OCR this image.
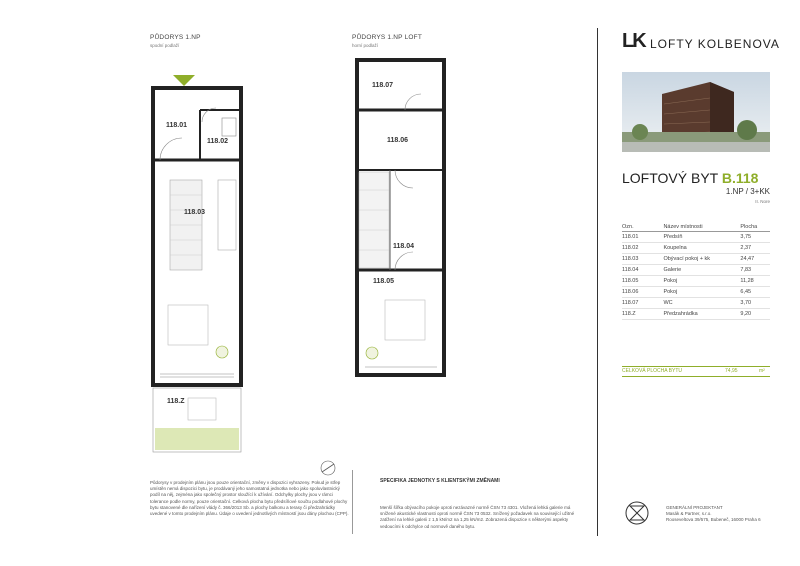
PŮDORYS 1.NP
spodní podlaží
118.01
118.02
118.03
118.Z
PŮDORYS 1.NP LOFT
horní podlaží
118.07
118.06
118.04
118.05
Půdorysy v prodejním plánu jsou pouze orientační, změny v dispozici vyhrazeny. Pokud je střep umístěn nemá dispozici bytu, je prodávaný jeho samostatná jednotka nebo jako spoluvlastnický podíl na něj, zejména jako společný prostor sloužící k užívání. Odchylky plochy jsou v rámci tolerance podle normy, pouze orientační. Celková plocha bytu předsíňové součtu podlahové plochy bytu stanovené dle nařízení vlády č. 366/2013 Sb. a plochy balkonu a terasy či předzahrádky uvedené v tomto prodejním plánu. Údaje o uvedení jednotlivých místností jsou dány plochou (CPP).
SPECIFIKA JEDNOTKY S KLIENTSKÝMI ZMĚNAMI
Menší šířka obývacího pokoje oproti nezávazné normě ČSN 73 4301. Vložená lehká galerie má snížené akustické vlastnosti oproti normě ČSN 73 0532. Snížený požadavek na související užitné zatížení na lehké galerii z 1,5 kN/m2 na 1,25 kN/m2. Zobrazená dispozice s některými aspekty vedoucími k odchylce od normově daného bytu.
LK LOFTY KOLBENOVA
LOFTOVÝ BYT B.118
1.NP / 3+KK
II. Nore
Ozn.	Název místnosti	Plocha
118.01	Předsíň	3,75
118.02	Koupelna	2,37
118.03	Obývací pokoj + kk	24,47
118.04	Galerie	7,83
118.05	Pokoj	11,28
118.06	Pokoj	6,45
118.07	WC	3,70
118.Z	Předzahrádka	9,20
CELKOVÁ PLOCHA BYTU	74,95	m²
GENERÁLNÍ PROJEKTANT
Masák & Partner, s.r.o.
Rooseveltova 39/575, Bubeneč, 16000 Praha 6
